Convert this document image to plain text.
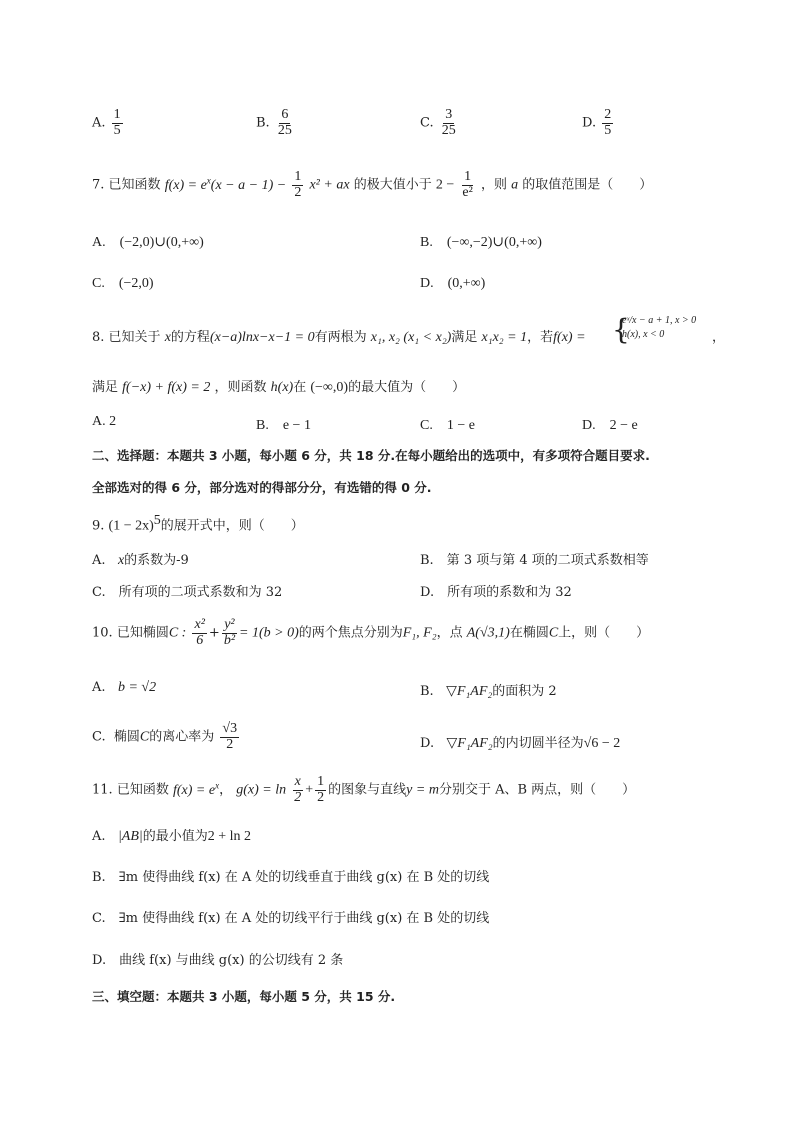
A. $\frac{1}{5}$	B. $\frac{6}{25}$	C. $\frac{3}{25}$	D. $\frac{2}{5}$
7. 已知函数 $f(x) = e^x(x - a - 1) - \frac{1}{2} x^2$ + ax 的极大值小于 $2 - \frac{1}{\text{e²}}$ ，则 a 的取值范围是（　　）
A.　(−2,0)∪(0,+∞)	B.　(−∞,−2)∪(0,+∞)
C.　(−2,0)	D.　(0,+∞)
8. 已知关于 x的方程(x−a)lnx−x−1 = 0有两根为 x₁, x₂ (x₁ < x₂)满足 x₁x₂ = 1，若f(x) = {
eˣ/x − a + 1, x > 0
h(x), x < 0	，
满足 f(−x) + f(x) = 2 ，则函数 h(x)在 (−∞,0)的最大值为（　　）
A. 2	B.　e − 1	C.　1 − e	D.　2 − e
二、选择题：本题共 3 小题，每小题 6 分，共 18 分.在每小题给出的选项中，有多项符合题目要求.
全部选对的得 6 分，部分选对的得部分分，有选错的得 0 分.
9. $(1 - 2x)^5$的展开式中，则（　　）
A. x的系数为-9	B.　第 3 项与第 4 项的二项式系数相等
C.　所有项的二项式系数和为 32	D.　所有项的系数和为 32
10. 已知椭圆C : $\frac{\text{x²}}{6} + \frac{\text{y²}}{\text{b²}} = 1(b > 0)$的两个焦点分别为F₁, F₂，点 A(√3,1)在椭圆C上，则（　　）
A. b = √2	B. ▽F₁AF₂的面积为 2
C. 椭圆C的离心率为 $\frac{√3}{2}$	D. ▽F₁AF₂的内切圆半径为√6 − 2
11. 已知函数 $f(x) = e^x$， $g(x) = \ln \frac{x}{2} + \frac{1}{2}$ 的图象与直线y = m分别交于 A、B 两点，则（　　）
A. |AB|的最小值为2 + ln 2
B.　∃m 使得曲线 f(x) 在 A 处的切线垂直于曲线 g(x) 在 B 处的切线
C.　∃m 使得曲线 f(x) 在 A 处的切线平行于曲线 g(x) 在 B 处的切线
D.　曲线 f(x) 与曲线 g(x) 的公切线有 2 条
三、填空题：本题共 3 小题，每小题 5 分，共 15 分.
